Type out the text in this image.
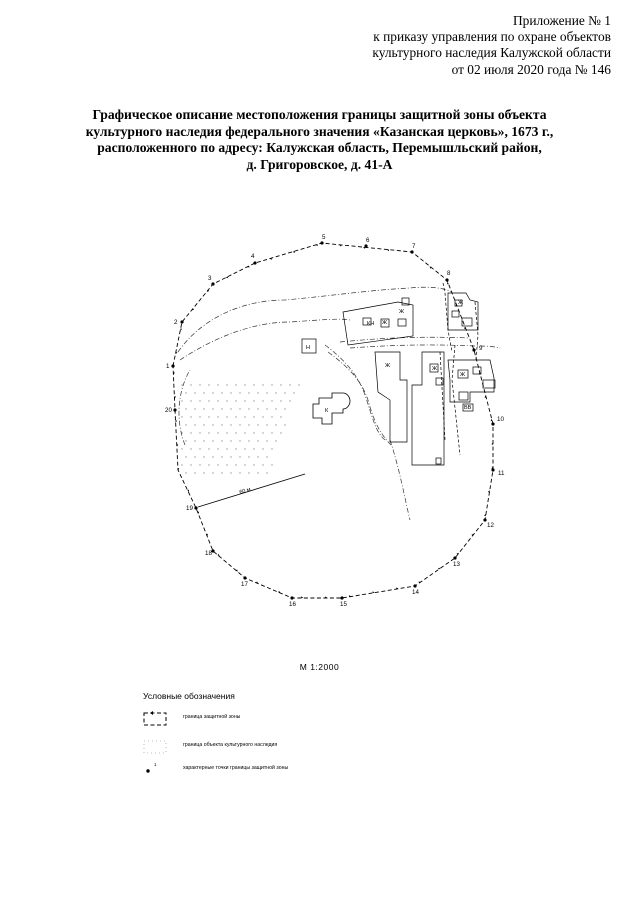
Приложение № 1
к приказу управления по охране объектов
культурного наследия Калужской области
от 02 июля 2020 года № 146
Графическое описание местоположения границы защитной зоны объекта
культурного наследия федерального значения «Казанская церковь», 1673 г.,
расположенного по адресу: Калужская область, Перемышльский район,
д. Григоровское, д. 41-А
60 м
К
Ж
Ж
Н
Ж	Ж
Ж
Ж
КН
ВВ
1
2
3
4
5	6
7
8
9
10
11
12
13
14
15
16
17
18
19
20
М 1:2000
Условные обозначения
граница защитной зоны
граница объекта культурного наследия
1
характерные точки границы защитной зоны
